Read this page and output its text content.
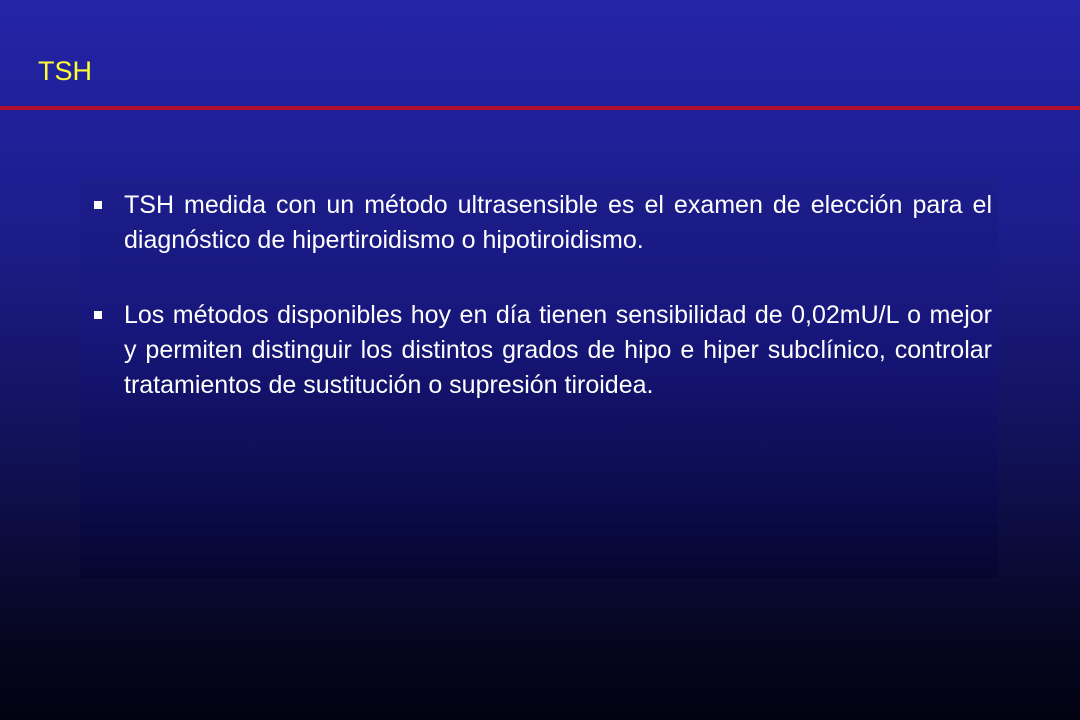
TSH
TSH medida con un método ultrasensible es el examen de elección para el diagnóstico de hipertiroidismo o hipotiroidismo.
Los métodos disponibles hoy en día tienen sensibilidad de 0,02mU/L o mejor y permiten distinguir los distintos grados de hipo e hiper subclínico, controlar tratamientos de sustitución o supresión tiroidea.
